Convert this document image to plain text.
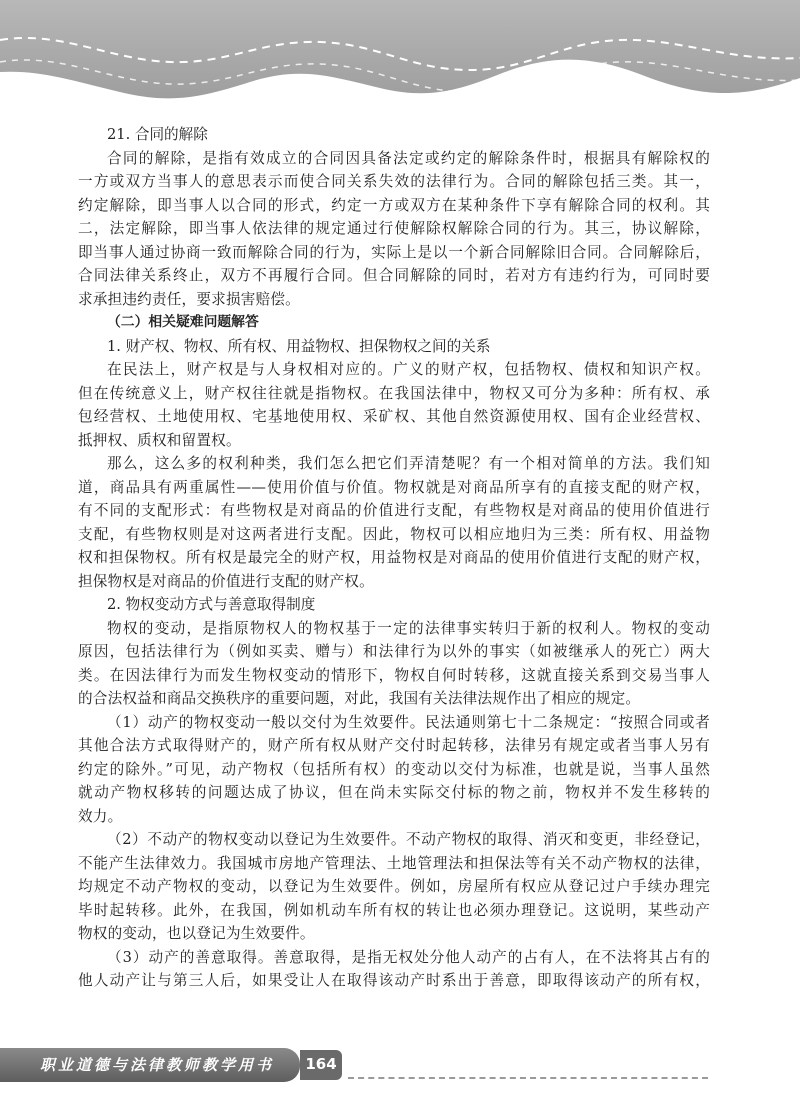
21. 合同的解除
合同的解除，是指有效成立的合同因具备法定或约定的解除条件时，根据具有解除权的
一方或双方当事人的意思表示而使合同关系失效的法律行为。合同的解除包括三类。其一，
约定解除，即当事人以合同的形式，约定一方或双方在某种条件下享有解除合同的权利。其
二，法定解除，即当事人依法律的规定通过行使解除权解除合同的行为。其三，协议解除，
即当事人通过协商一致而解除合同的行为，实际上是以一个新合同解除旧合同。合同解除后，
合同法律关系终止，双方不再履行合同。但合同解除的同时，若对方有违约行为，可同时要
求承担违约责任，要求损害赔偿。
（二）相关疑难问题解答
1. 财产权、物权、所有权、用益物权、担保物权之间的关系
在民法上，财产权是与人身权相对应的。广义的财产权，包括物权、债权和知识产权。
但在传统意义上，财产权往往就是指物权。在我国法律中，物权又可分为多种：所有权、承
包经营权、土地使用权、宅基地使用权、采矿权、其他自然资源使用权、国有企业经营权、
抵押权、质权和留置权。
那么，这么多的权利种类，我们怎么把它们弄清楚呢？有一个相对简单的方法。我们知
道，商品具有两重属性——使用价值与价值。物权就是对商品所享有的直接支配的财产权，
有不同的支配形式：有些物权是对商品的价值进行支配，有些物权是对商品的使用价值进行
支配，有些物权则是对这两者进行支配。因此，物权可以相应地归为三类：所有权、用益物
权和担保物权。所有权是最完全的财产权，用益物权是对商品的使用价值进行支配的财产权，
担保物权是对商品的价值进行支配的财产权。
2. 物权变动方式与善意取得制度
物权的变动，是指原物权人的物权基于一定的法律事实转归于新的权利人。物权的变动
原因，包括法律行为（例如买卖、赠与）和法律行为以外的事实（如被继承人的死亡）两大
类。在因法律行为而发生物权变动的情形下，物权自何时转移，这就直接关系到交易当事人
的合法权益和商品交换秩序的重要问题，对此，我国有关法律法规作出了相应的规定。
（1）动产的物权变动一般以交付为生效要件。民法通则第七十二条规定：“按照合同或者
其他合法方式取得财产的，财产所有权从财产交付时起转移，法律另有规定或者当事人另有
约定的除外。”可见，动产物权（包括所有权）的变动以交付为标准，也就是说，当事人虽然
就动产物权移转的问题达成了协议，但在尚未实际交付标的物之前，物权并不发生移转的
效力。
（2）不动产的物权变动以登记为生效要件。不动产物权的取得、消灭和变更，非经登记，
不能产生法律效力。我国城市房地产管理法、土地管理法和担保法等有关不动产物权的法律，
均规定不动产物权的变动，以登记为生效要件。例如，房屋所有权应从登记过户手续办理完
毕时起转移。此外，在我国，例如机动车所有权的转让也必须办理登记。这说明，某些动产
物权的变动，也以登记为生效要件。
（3）动产的善意取得。善意取得，是指无权处分他人动产的占有人，在不法将其占有的
他人动产让与第三人后，如果受让人在取得该动产时系出于善意，即取得该动产的所有权，
职业道德与法律教师教学用书	164
